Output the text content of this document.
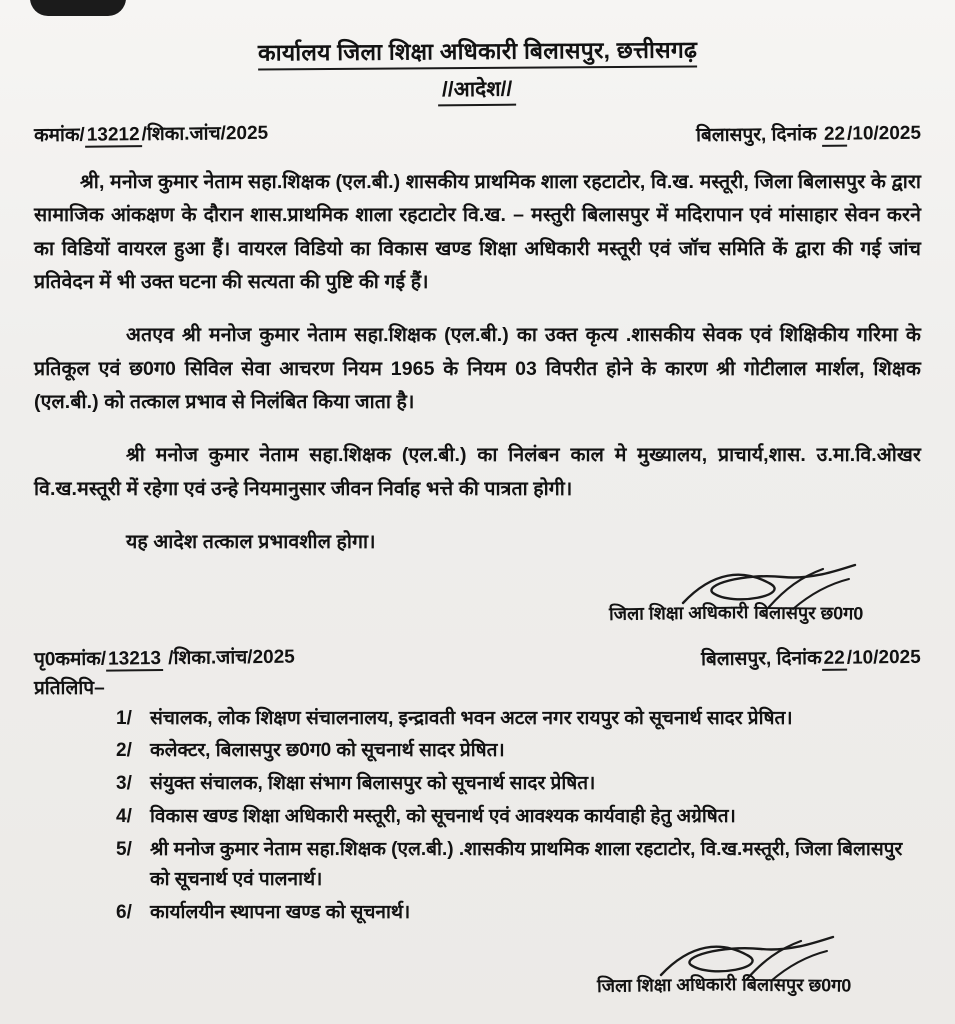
कार्यालय जिला शिक्षा अधिकारी बिलासपुर, छत्तीसगढ़
//आदेश//
कमांक/13212/शिका.जांच/2025	बिलासपुर, दिनांक 22/10/2025

श्री, मनोज कुमार नेताम सहा.शिक्षक (एल.बी.) शासकीय प्राथमिक शाला रहटाटोर, वि.ख. मस्तूरी, जिला बिलासपुर के द्वारा सामाजिक आंकक्षण के दौरान शास.प्राथमिक शाला रहटाटोर वि.ख. – मस्तुरी बिलासपुर में मदिरापान एवं मांसाहार सेवन करने का विडियों वायरल हुआ हैं। वायरल विडियो का विकास खण्ड शिक्षा अधिकारी मस्तूरी एवं जॉच समिति कें द्वारा की गई जांच प्रतिवेदन में भी उक्त घटना की सत्यता की पुष्टि की गई हैं।

अतएव श्री मनोज कुमार नेताम सहा.शिक्षक (एल.बी.) का उक्त कृत्य .शासकीय सेवक एवं शिक्षिकीय गरिमा के प्रतिकूल एवं छ0ग0 सिविल सेवा आचरण नियम 1965 के नियम 03 विपरीत होने के कारण श्री गोटीलाल मार्शल, शिक्षक (एल.बी.) को तत्काल प्रभाव से निलंबित किया जाता है।

श्री मनोज कुमार नेताम सहा.शिक्षक (एल.बी.) का निलंबन काल मे मुख्यालय, प्राचार्य,शास. उ.मा.वि.ओखर वि.ख.मस्तूरी में रहेगा एवं उन्हे नियमानुसार जीवन निर्वाह भत्ते की पात्रता होगी।

यह आदेश तत्काल प्रभावशील होगा।

जिला शिक्षा अधिकारी बिलासपुर छ0ग0
पृ0कमांक/13213 /शिका.जांच/2025	बिलासपुर, दिनांक22/10/2025
प्रतिलिपि–
1/ संचालक, लोक शिक्षण संचालनालय, इन्द्रावती भवन अटल नगर रायपुर को सूचनार्थ सादर प्रेषित।
2/ कलेक्टर, बिलासपुर छ0ग0 को सूचनार्थ सादर प्रेषित।
3/ संयुक्त संचालक, शिक्षा संभाग बिलासपुर को सूचनार्थ सादर प्रेषित।
4/ विकास खण्ड शिक्षा अधिकारी मस्तूरी, को सूचनार्थ एवं आवश्यक कार्यवाही हेतु अग्रेषित।
5/ श्री मनोज कुमार नेताम सहा.शिक्षक (एल.बी.) .शासकीय प्राथमिक शाला रहटाटोर, वि.ख.मस्तूरी, जिला बिलासपुर को सूचनार्थ एवं पालनार्थ।
6/ कार्यालयीन स्थापना खण्ड को सूचनार्थ।
जिला शिक्षा अधिकारी बिलासपुर छ0ग0
